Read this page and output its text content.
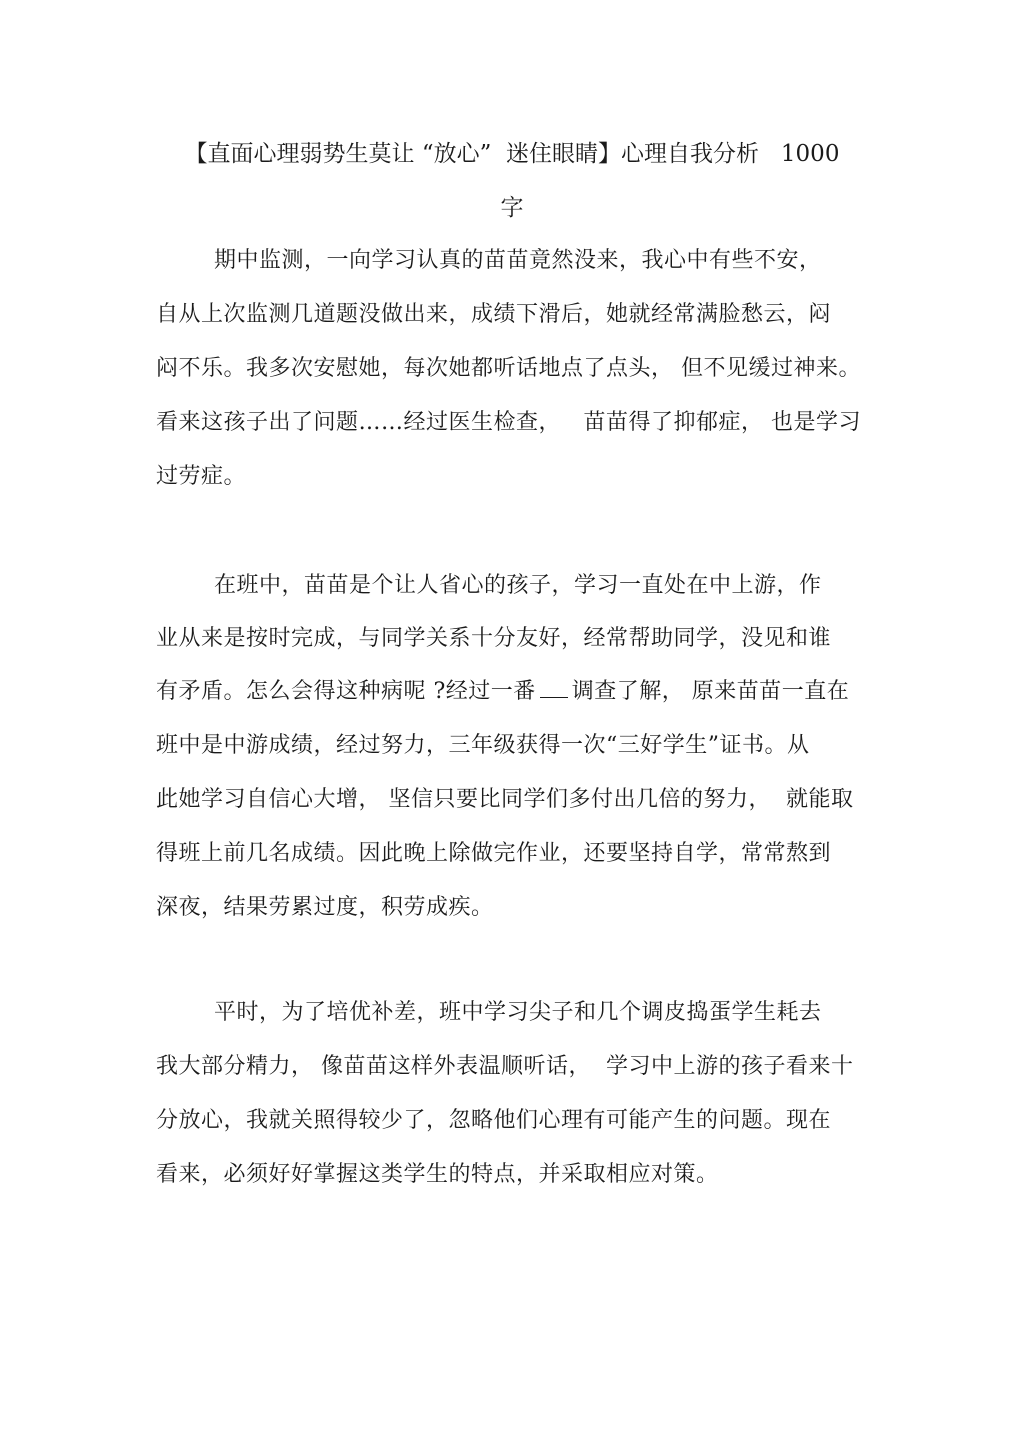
【直面心理弱势生莫让 “放心”  迷住眼睛】心理自我分析   1000
字
期中监测，一向学习认真的苗苗竟然没来，我心中有些不安，
自从上次监测几道题没做出来，成绩下滑后，她就经常满脸愁云，闷
闷不乐。我多次安慰她，每次她都听话地点了点头， 但不见缓过神来。
看来这孩子出了问题……经过医生检查，   苗苗得了抑郁症， 也是学习
过劳症。
在班中，苗苗是个让人省心的孩子，学习一直处在中上游，作
业从来是按时完成，与同学关系十分友好，经常帮助同学，没见和谁
有矛盾。怎么会得这种病呢 ?经过一番 调查了解， 原来苗苗一直在
班中是中游成绩，经过努力，三年级获得一次“三好学生”证书。从
此她学习自信心大增， 坚信只要比同学们多付出几倍的努力，  就能取
得班上前几名成绩。因此晚上除做完作业，还要坚持自学，常常熬到
深夜，结果劳累过度，积劳成疾。
平时，为了培优补差，班中学习尖子和几个调皮捣蛋学生耗去
我大部分精力， 像苗苗这样外表温顺听话，  学习中上游的孩子看来十
分放心，我就关照得较少了，忽略他们心理有可能产生的问题。现在
看来，必须好好掌握这类学生的特点，并采取相应对策。
